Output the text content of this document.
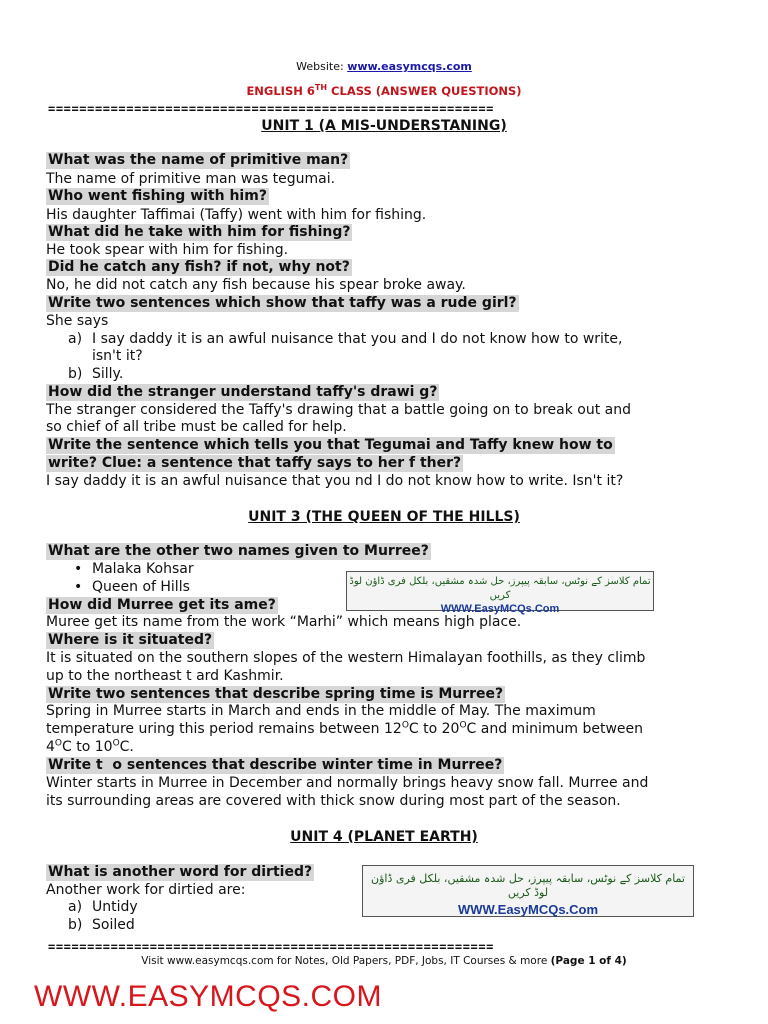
Website: www.easymcqs.com
ENGLISH 6TH CLASS (ANSWER QUESTIONS)
=========================================================
UNIT 1 (A MIS-UNDERSTANING)
What was the name of primitive man?
The name of primitive man was tegumai.
Who went fishing with him?
His daughter Taffimai (Taffy) went with him for fishing.
What did he take with him for fishing?
He took spear with him for fishing.
Did he catch any fish? if not, why not?
No, he did not catch any fish because his spear broke away.
Write two sentences which show that taffy was a rude girl?
She says
a) I say daddy it is an awful nuisance that you and I do not know how to write,
isn't it?
b) Silly.
How did the stranger understand taffy's drawi g?
The stranger considered the Taffy's drawing that a battle going on to break out and
so chief of all tribe must be called for help.
Write the sentence which tells you that Tegumai and Taffy knew how to
write? Clue: a sentence that taffy says to her f ther?
I say daddy it is an awful nuisance that you nd I do not know how to write. Isn't it?
UNIT 3 (THE QUEEN OF THE HILLS)
What are the other two names given to Murree?
• Malaka Kohsar
• Queen of Hills	تمام کلاسز کے نوٹس، سابقہ پیپرز، حل شدہ مشقیں، بلکل فری ڈاؤن لوڈ کریں
WWW.EasyMCQs.Com
How did Murree get its ame?
Muree get its name from the work “Marhi” which means high place.
Where is it situated?
It is situated on the southern slopes of the western Himalayan foothills, as they climb
up to the northeast t ard Kashmir.
Write two sentences that describe spring time is Murree?
Spring in Murree starts in March and ends in the middle of May. The maximum
temperature uring this period remains between $12^OC$ to $20^OC$ and minimum between
$4^OC$ to $10^OC$.
Write t o sentences that describe winter time in Murree?
Winter starts in Murree in December and normally brings heavy snow fall. Murree and
its surrounding areas are covered with thick snow during most part of the season.
UNIT 4 (PLANET EARTH)
What is another word for dirtied?
Another work for dirtied are:
a) Untidy
b) Soiled
تمام کلاسز کے نوٹس، سابقہ پیپرز، حل شدہ مشقیں، بلکل فری ڈاؤن لوڈ کریں
WWW.EasyMCQs.Com
=========================================================
Visit www.easymcqs.com for Notes, Old Papers, PDF, Jobs, IT Courses & more (Page 1 of 4)
WWW.EASYMCQS.COM
